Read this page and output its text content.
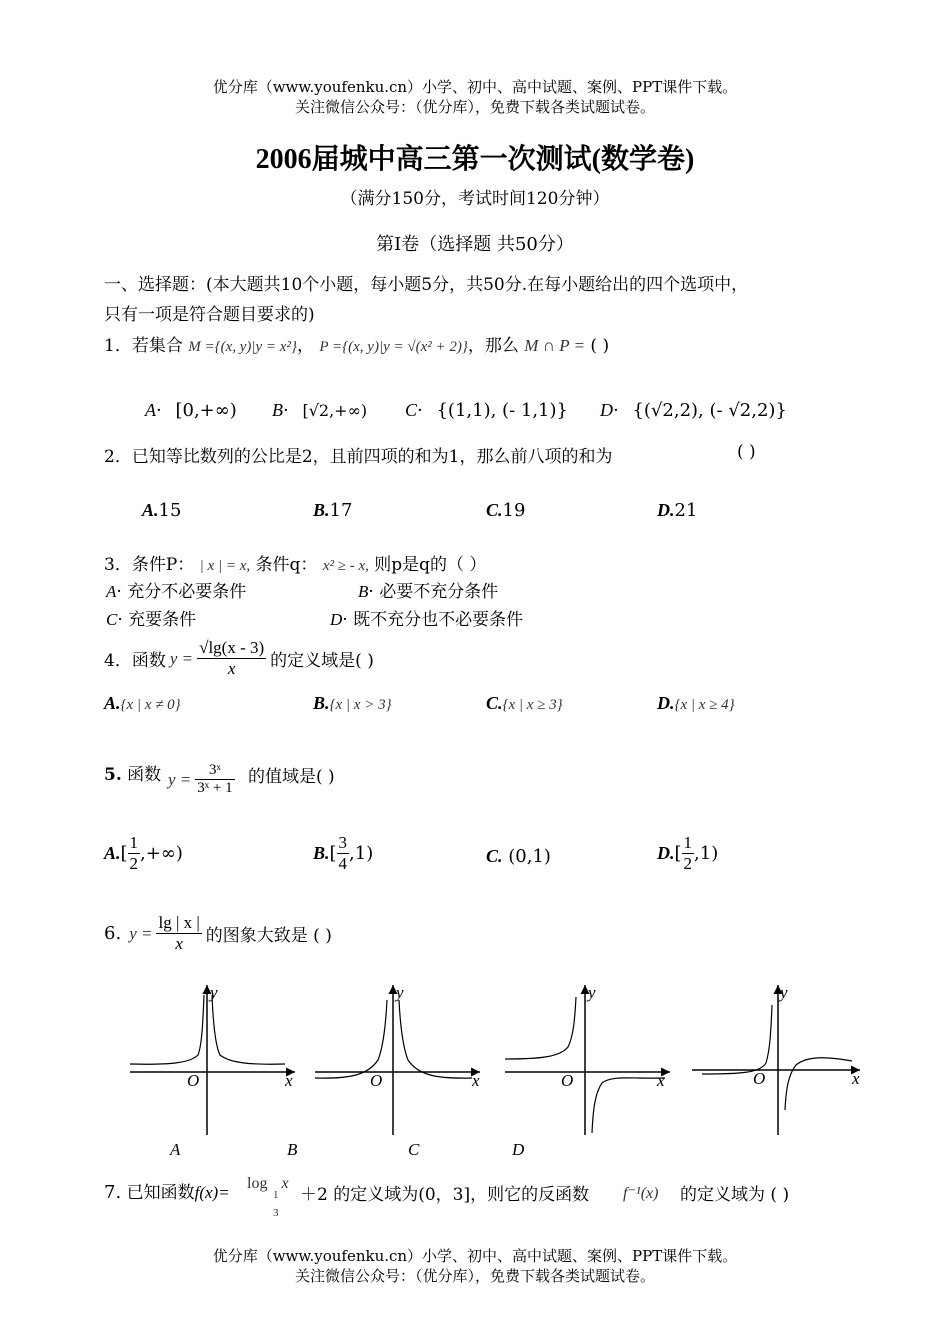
优分库（www.youfenku.cn）小学、初中、高中试题、案例、PPT课件下载。
关注微信公众号：（优分库），免费下载各类试题试卷。
2006届城中高三第一次测试(数学卷)
（满分150分，考试时间120分钟）
第Ⅰ卷（选择题 共50分）
一、选择题：(本大题共10个小题，每小题5分，共50分.在每小题给出的四个选项中，
只有一项是符合题目要求的)
1．若集合 M ={(x, y)|y = x²}， P ={(x, y)|y = √(x² + 2)}，那么 M ∩ P = ( )
A· [0,+∞) B· [√2,+∞) C· {(1,1), (- 1,1)} D· {(√2,2), (- √2,2)}
2．已知等比数列的公比是2，且前四项的和为1，那么前八项的和为	( )
A.15	B.17	C.19	D.21
3．条件P： | x | = x, 条件q： x² ≥ - x, 则p是q的（ ）
A· 充分不必要条件	B· 必要不充分条件
C· 充要条件	D· 既不充分也不必要条件
4．函数 $y = \frac{√\lg(x - 3)}{x}$ 的定义域是( )
A.{x | x ≠ 0}	B.{x | x > 3}	C.{x | x ≥ 3}	D.{x | x ≥ 4}
5. 函数 $y = \frac{\text{3ˣ}}{\text{3ˣ + 1}}$ 的值域是( )
A. [ $\frac{1}{2}$ ,+∞)	B. [ $\frac{3}{4} ,1$)	C. (0,1)	D. [ $\frac{1}{2} ,1$)
6. $y = \frac{\lg | x |}{x}$ 的图象大致是 ( )
y
x
O
y
x
O
y
x
O
y
x
O
A	B	C	D
7. 已知函数f(x)= log
1
3
x
＋2 的定义域为(0，3]，则它的反函数 f⁻¹(x) 的定义域为 ( )
优分库（www.youfenku.cn）小学、初中、高中试题、案例、PPT课件下载。
关注微信公众号：（优分库），免费下载各类试题试卷。
